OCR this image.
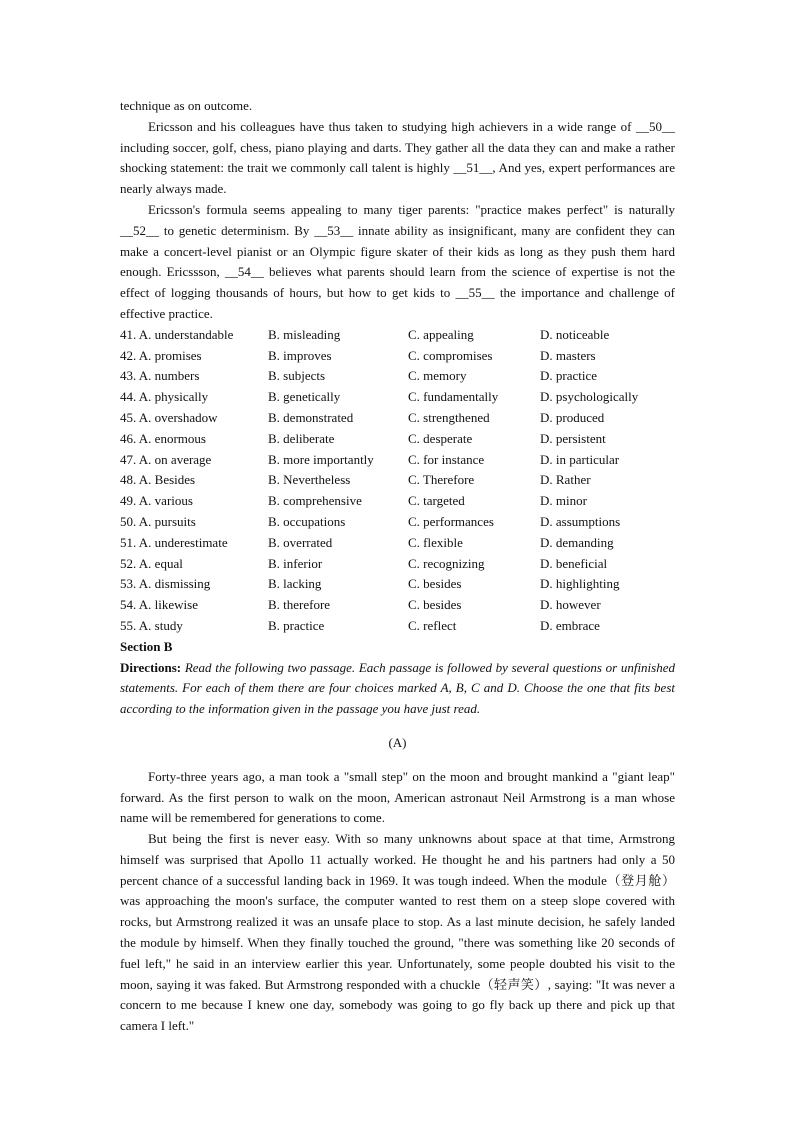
technique as on outcome.

Ericsson and his colleagues have thus taken to studying high achievers in a wide range of __50__ including soccer, golf, chess, piano playing and darts. They gather all the data they can and make a rather shocking statement: the trait we commonly call talent is highly __51__, And yes, expert performances are nearly always made.

Ericsson's formula seems appealing to many tiger parents: "practice makes perfect" is naturally __52__ to genetic determinism. By __53__ innate ability as insignificant, many are confident they can make a concert-level pianist or an Olympic figure skater of their kids as long as they push them hard enough. Ericssson, __54__ believes what parents should learn from the science of expertise is not the effect of logging thousands of hours, but how to get kids to __55__ the importance and challenge of effective practice.

41. A. understandable	B. misleading	C. appealing	D. noticeable
42. A. promises	B. improves	C. compromises	D. masters
43. A. numbers	B. subjects	C. memory	D. practice
44. A. physically	B. genetically	C. fundamentally	D. psychologically
45. A. overshadow	B. demonstrated	C. strengthened	D. produced
46. A. enormous	B. deliberate	C. desperate	D. persistent
47. A. on average	B. more importantly	C. for instance	D. in particular
48. A. Besides	B. Nevertheless	C. Therefore	D. Rather
49. A. various	B. comprehensive	C. targeted	D. minor
50. A. pursuits	B. occupations	C. performances	D. assumptions
51. A. underestimate	B. overrated	C. flexible	D. demanding
52. A. equal	B. inferior	C. recognizing	D. beneficial
53. A. dismissing	B. lacking	C. besides	D. highlighting
54. A. likewise	B. therefore	C. besides	D. however
55. A. study	B. practice	C. reflect	D. embrace

Section B

Directions: Read the following two passage. Each passage is followed by several questions or unfinished statements. For each of them there are four choices marked A, B, C and D. Choose the one that fits best according to the information given in the passage you have just read.

(A)

Forty-three years ago, a man took a "small step" on the moon and brought mankind a "giant leap" forward. As the first person to walk on the moon, American astronaut Neil Armstrong is a man whose name will be remembered for generations to come.

But being the first is never easy. With so many unknowns about space at that time, Armstrong himself was surprised that Apollo 11 actually worked. He thought he and his partners had only a 50 percent chance of a successful landing back in 1969. It was tough indeed. When the module（登月舱）was approaching the moon's surface, the computer wanted to rest them on a steep slope covered with rocks, but Armstrong realized it was an unsafe place to stop. As a last minute decision, he safely landed the module by himself. When they finally touched the ground, "there was something like 20 seconds of fuel left," he said in an interview earlier this year. Unfortunately, some people doubted his visit to the moon, saying it was faked. But Armstrong responded with a chuckle（轻声笑）, saying: "It was never a concern to me because I knew one day, somebody was going to go fly back up there and pick up that camera I left."
